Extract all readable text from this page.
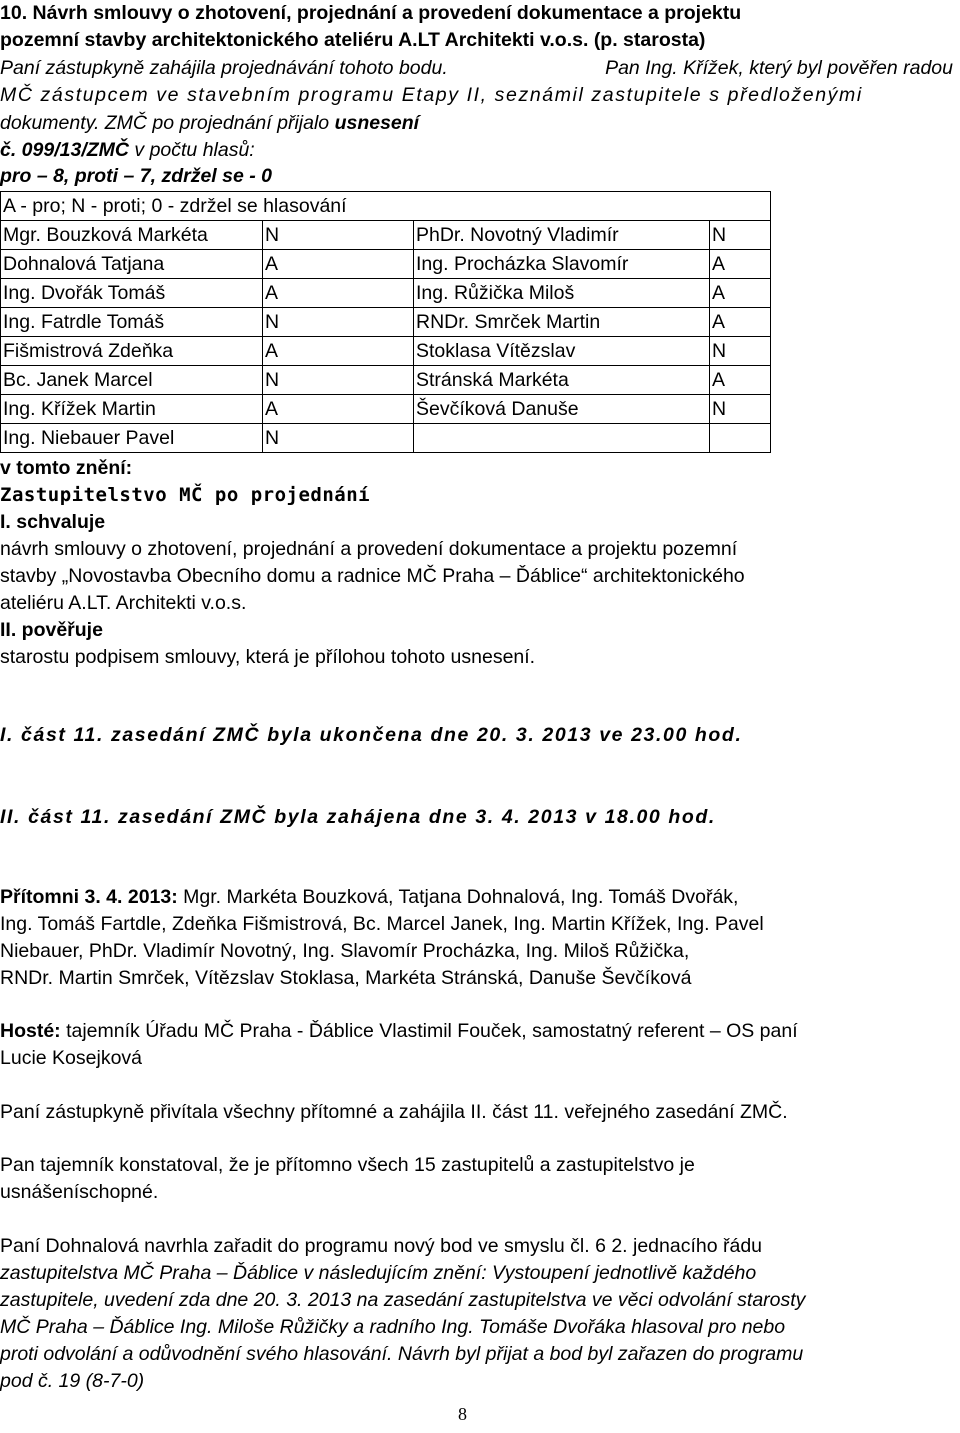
10. Návrh smlouvy o zhotovení, projednání a provedení dokumentace a projektu
pozemní stavby architektonického ateliéru A.LT Architekti v.o.s. (p. starosta)
Paní zástupkyně zahájila projednávání tohoto bodu.	Pan Ing. Křížek, který byl pověřen radou
MČ zástupcem ve stavebním programu Etapy II, seznámil zastupitele s předloženými
dokumenty. ZMČ po projednání přijalo usnesení
č. 099/13/ZMČ v počtu hlasů:
pro – 8, proti – 7, zdržel se - 0
A - pro; N - proti; 0 - zdržel se hlasování			
Mgr. Bouzková Markéta	N	PhDr. Novotný Vladimír	N
Dohnalová Tatjana	A	Ing. Procházka Slavomír	A
Ing. Dvořák Tomáš	A	Ing. Růžička Miloš	A
Ing. Fatrdle Tomáš	N	RNDr. Smrček Martin	A
Fišmistrová Zdeňka	A	Stoklasa Vítězslav	N
Bc. Janek Marcel	N	Stránská Markéta	A
Ing. Křížek Martin	A	Ševčíková Danuše	N
Ing. Niebauer Pavel	N		
v tomto znění:
Zastupitelstvo MČ po projednání
I. schvaluje
návrh smlouvy o zhotovení, projednání a provedení dokumentace a projektu pozemní
stavby „Novostavba Obecního domu a radnice MČ Praha – Ďáblice“ architektonického
ateliéru A.LT. Architekti v.o.s.
II. pověřuje
starostu podpisem smlouvy, která je přílohou tohoto usnesení.
I. část 11. zasedání ZMČ byla ukončena dne 20. 3. 2013 ve 23.00 hod.
II. část 11. zasedání ZMČ byla zahájena dne 3. 4. 2013 v 18.00 hod.
Přítomni 3. 4. 2013: Mgr. Markéta Bouzková, Tatjana Dohnalová, Ing. Tomáš Dvořák,
Ing. Tomáš Fartdle, Zdeňka Fišmistrová, Bc. Marcel Janek, Ing. Martin Křížek, Ing. Pavel
Niebauer, PhDr. Vladimír Novotný, Ing. Slavomír Procházka, Ing. Miloš Růžička,
RNDr. Martin Smrček, Vítězslav Stoklasa, Markéta Stránská, Danuše Ševčíková
Hosté: tajemník Úřadu MČ Praha - Ďáblice Vlastimil Fouček, samostatný referent – OS paní
Lucie Kosejková
Paní zástupkyně přivítala všechny přítomné a zahájila II. část 11. veřejného zasedání ZMČ.
Pan tajemník konstatoval, že je přítomno všech 15 zastupitelů a zastupitelstvo je
usnášeníschopné.
Paní Dohnalová navrhla zařadit do programu nový bod ve smyslu čl. 6 2. jednacího řádu
zastupitelstva MČ Praha – Ďáblice v následujícím znění: Vystoupení jednotlivě každého
zastupitele, uvedení zda dne 20. 3. 2013 na zasedání zastupitelstva ve věci odvolání starosty
MČ Praha – Ďáblice Ing. Miloše Růžičky a radního Ing. Tomáše Dvořáka hlasoval pro nebo
proti odvolání a odůvodnění svého hlasování. Návrh byl přijat a bod byl zařazen do programu
pod č. 19 (8-7-0)
8
